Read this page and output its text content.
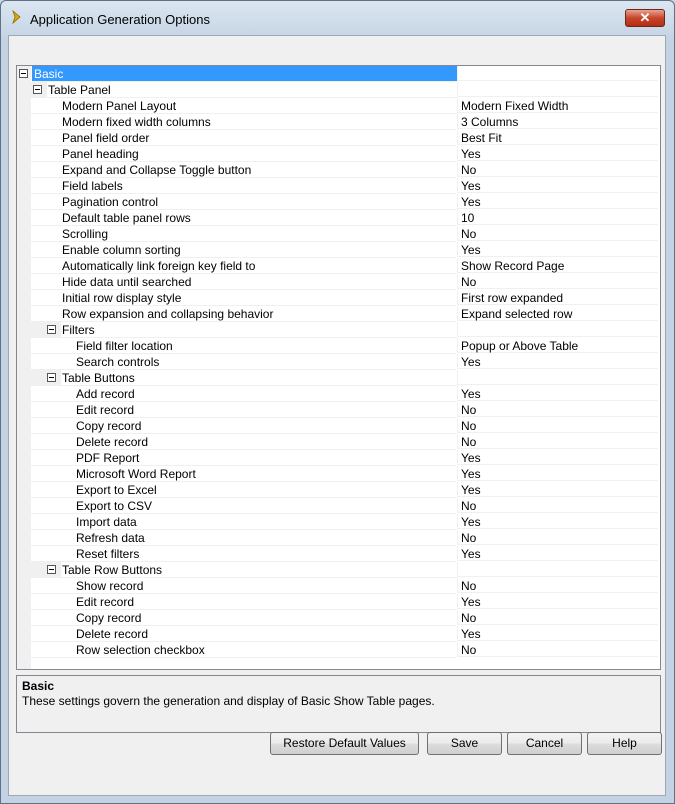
Application Generation Options	✕
Basic
Table Panel
Modern Panel Layout	Modern Fixed Width
Modern fixed width columns	3 Columns
Panel field order	Best Fit
Panel heading	Yes
Expand and Collapse Toggle button	No
Field labels	Yes
Pagination control	Yes
Default table panel rows	10
Scrolling	No
Enable column sorting	Yes
Automatically link foreign key field to	Show Record Page
Hide data until searched	No
Initial row display style	First row expanded
Row expansion and collapsing behavior	Expand selected row
Filters
Field filter location	Popup or Above Table
Search controls	Yes
Table Buttons
Add record	Yes
Edit record	No
Copy record	No
Delete record	No
PDF Report	Yes
Microsoft Word Report	Yes
Export to Excel	Yes
Export to CSV	No
Import data	Yes
Refresh data	No
Reset filters	Yes
Table Row Buttons
Show record	No
Edit record	Yes
Copy record	No
Delete record	Yes
Row selection checkbox	No
Basic
These settings govern the generation and display of Basic Show Table pages.
Restore Default Values	Save	Cancel	Help
